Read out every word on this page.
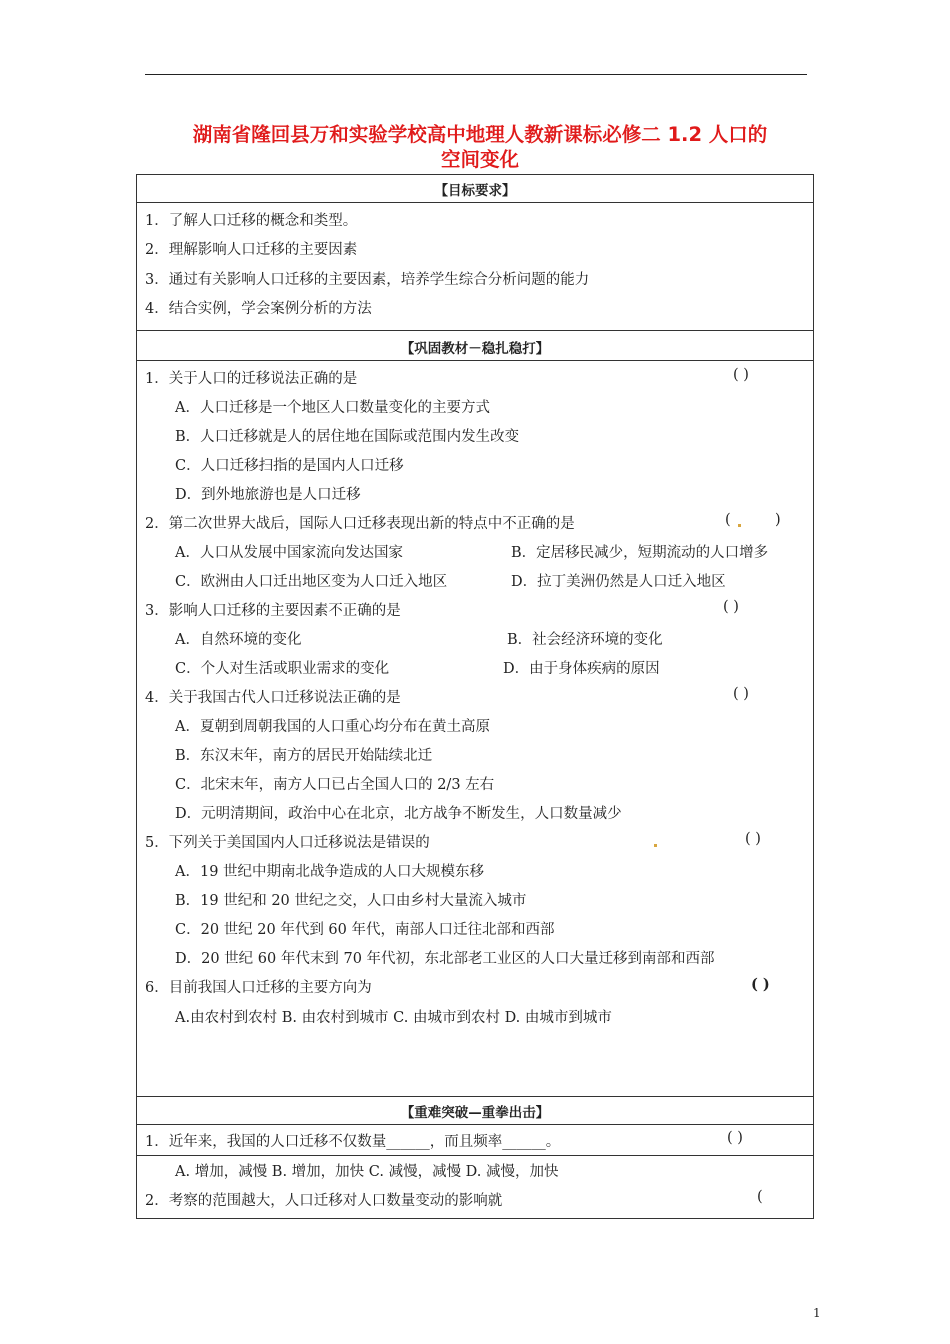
湖南省隆回县万和实验学校高中地理人教新课标必修二 1.2 人口的
空间变化
【目标要求】
1．了解人口迁移的概念和类型。
2．理解影响人口迁移的主要因素
3．通过有关影响人口迁移的主要因素，培养学生综合分析问题的能力
4．结合实例，学会案例分析的方法
【巩固教材－稳扎稳打】
1．关于人口的迁移说法正确的是	( )
A．人口迁移是一个地区人口数量变化的主要方式
B．人口迁移就是人的居住地在国际或范围内发生改变
C．人口迁移扫指的是国内人口迁移
D．到外地旅游也是人口迁移
2．第二次世界大战后，国际人口迁移表现出新的特点中不正确的是	(	)
A．人口从发展中国家流向发达国家	B．定居移民减少，短期流动的人口增多
C．欧洲由人口迁出地区变为人口迁入地区	D．拉丁美洲仍然是人口迁入地区
3．影响人口迁移的主要因素不正确的是	( )
A．自然环境的变化	B．社会经济环境的变化
C．个人对生活或职业需求的变化	D．由于身体疾病的原因
4．关于我国古代人口迁移说法正确的是	( )
A．夏朝到周朝我国的人口重心均分布在黄土高原
B．东汉末年，南方的居民开始陆续北迁
C．北宋末年，南方人口已占全国人口的 2/3 左右
D．元明清期间，政治中心在北京，北方战争不断发生，人口数量减少
5．下列关于美国国内人口迁移说法是错误的	( )
A．19 世纪中期南北战争造成的人口大规模东移
B．19 世纪和 20 世纪之交，人口由乡村大量流入城市
C．20 世纪 20 年代到 60 年代，南部人口迁往北部和西部
D．20 世纪 60 年代末到 70 年代初，东北部老工业区的人口大量迁移到南部和西部
6．目前我国人口迁移的主要方向为	( )
A.由农村到农村 B. 由农村到城市 C. 由城市到农村 D. 由城市到城市
【重难突破—重拳出击】
1．近年来，我国的人口迁移不仅数量______，而且频率______。	( )
A. 增加，减慢 B. 增加，加快 C. 减慢，减慢 D. 减慢，加快
2．考察的范围越大，人口迁移对人口数量变动的影响就	(
1
